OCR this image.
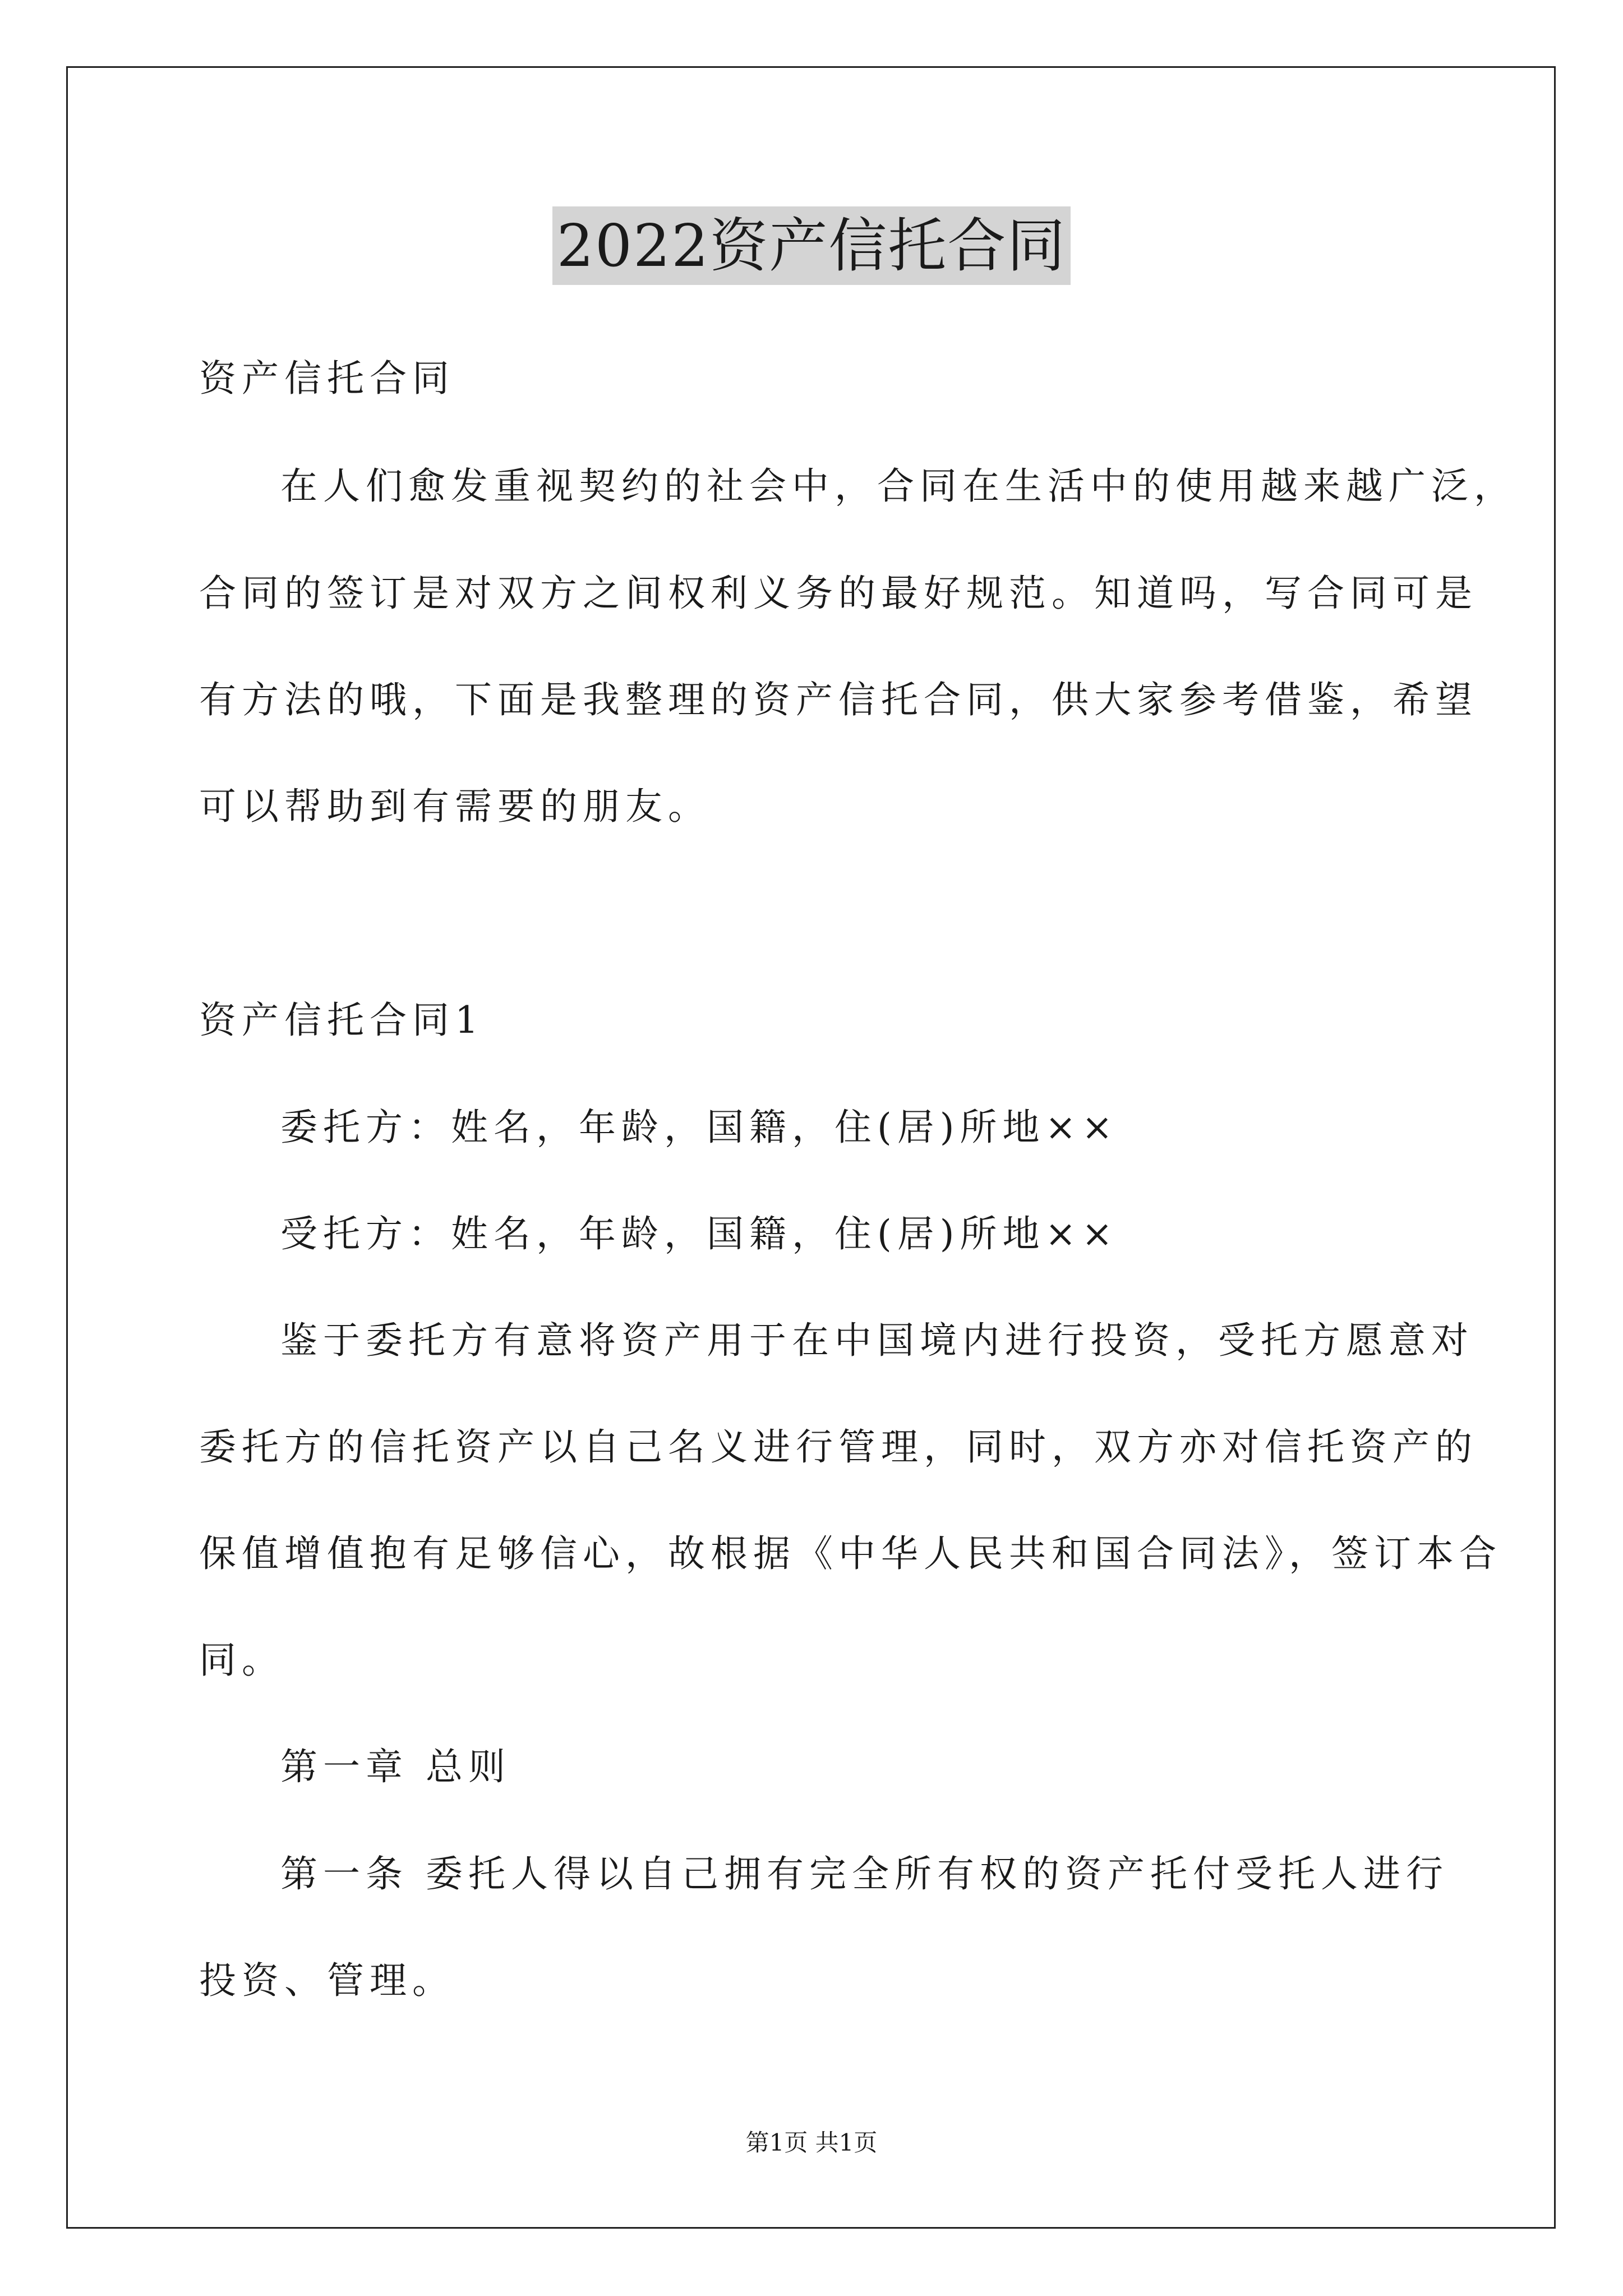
2022资产信托合同
资产信托合同
在人们愈发重视契约的社会中，合同在生活中的使用越来越广泛，
合同的签订是对双方之间权利义务的最好规范。知道吗，写合同可是
有方法的哦，下面是我整理的资产信托合同，供大家参考借鉴，希望
可以帮助到有需要的朋友。
资产信托合同1
委托方：姓名，年龄，国籍，住(居)所地××
受托方：姓名，年龄，国籍，住(居)所地××
鉴于委托方有意将资产用于在中国境内进行投资，受托方愿意对
委托方的信托资产以自己名义进行管理，同时，双方亦对信托资产的
保值增值抱有足够信心，故根据《中华人民共和国合同法》，签订本合
同。
第一章 总则
第一条 委托人得以自己拥有完全所有权的资产托付受托人进行
投资、管理。
第1页 共1页
